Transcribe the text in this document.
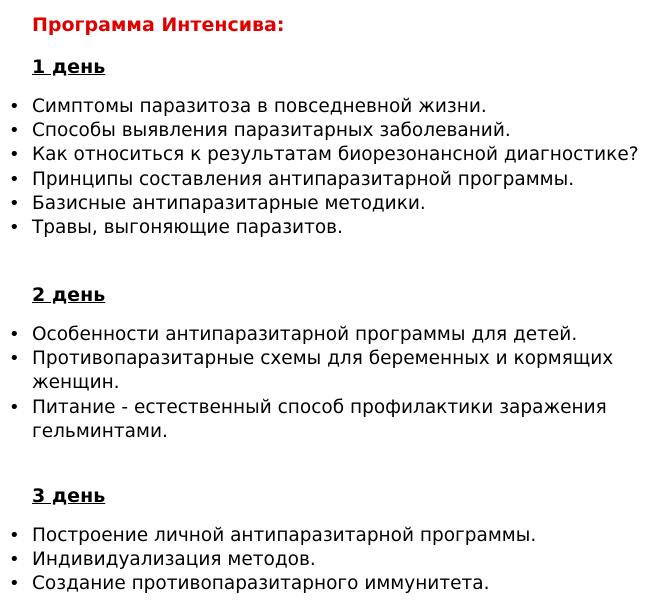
Программа Интенсива:
1 день
• Симптомы паразитоза в повседневной жизни.
• Способы выявления паразитарных заболеваний.
• Как относиться к результатам биорезонансной диагностике?
• Принципы составления антипаразитарной программы.
• Базисные антипаразитарные методики.
• Травы, выгоняющие паразитов.
2 день
• Особенности антипаразитарной программы для детей.
• Противопаразитарные схемы для беременных и кормящих женщин.
• Питание - естественный способ профилактики заражения гельминтами.
3 день
• Построение личной антипаразитарной программы.
• Индивидуализация методов.
• Создание противопаразитарного иммунитета.
